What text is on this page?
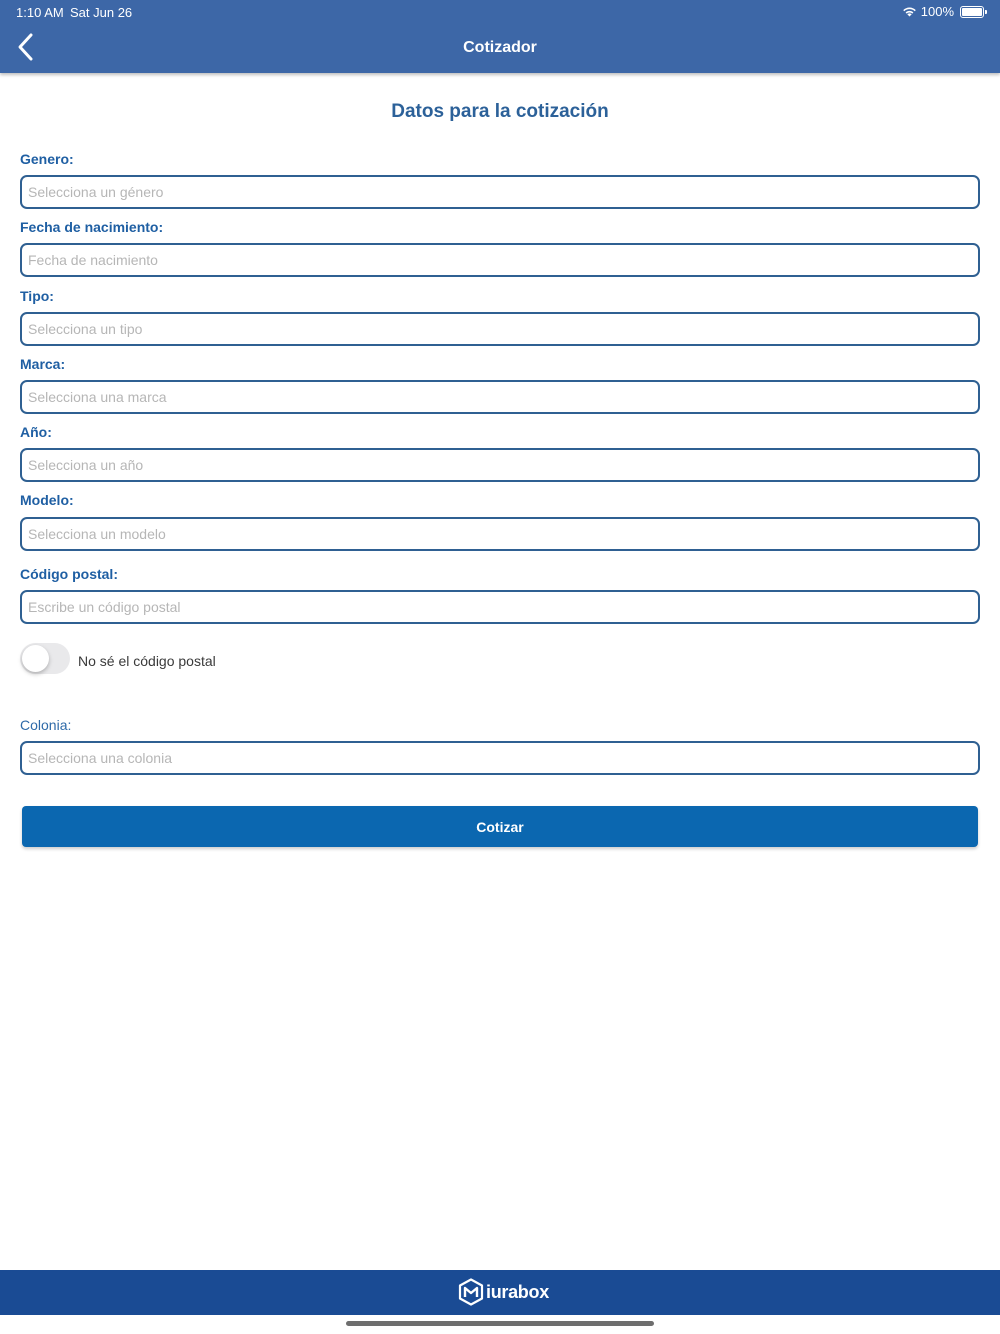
1:10 AM Sat Jun 26	100%
Cotizador
Datos para la cotización
Genero:
Selecciona un género
Fecha de nacimiento:
Fecha de nacimiento
Tipo:
Selecciona un tipo
Marca:
Selecciona una marca
Año:
Selecciona un año
Modelo:
Selecciona un modelo
Código postal:
Escribe un código postal
No sé el código postal
Colonia:
Selecciona una colonia
Cotizar
iurabox
